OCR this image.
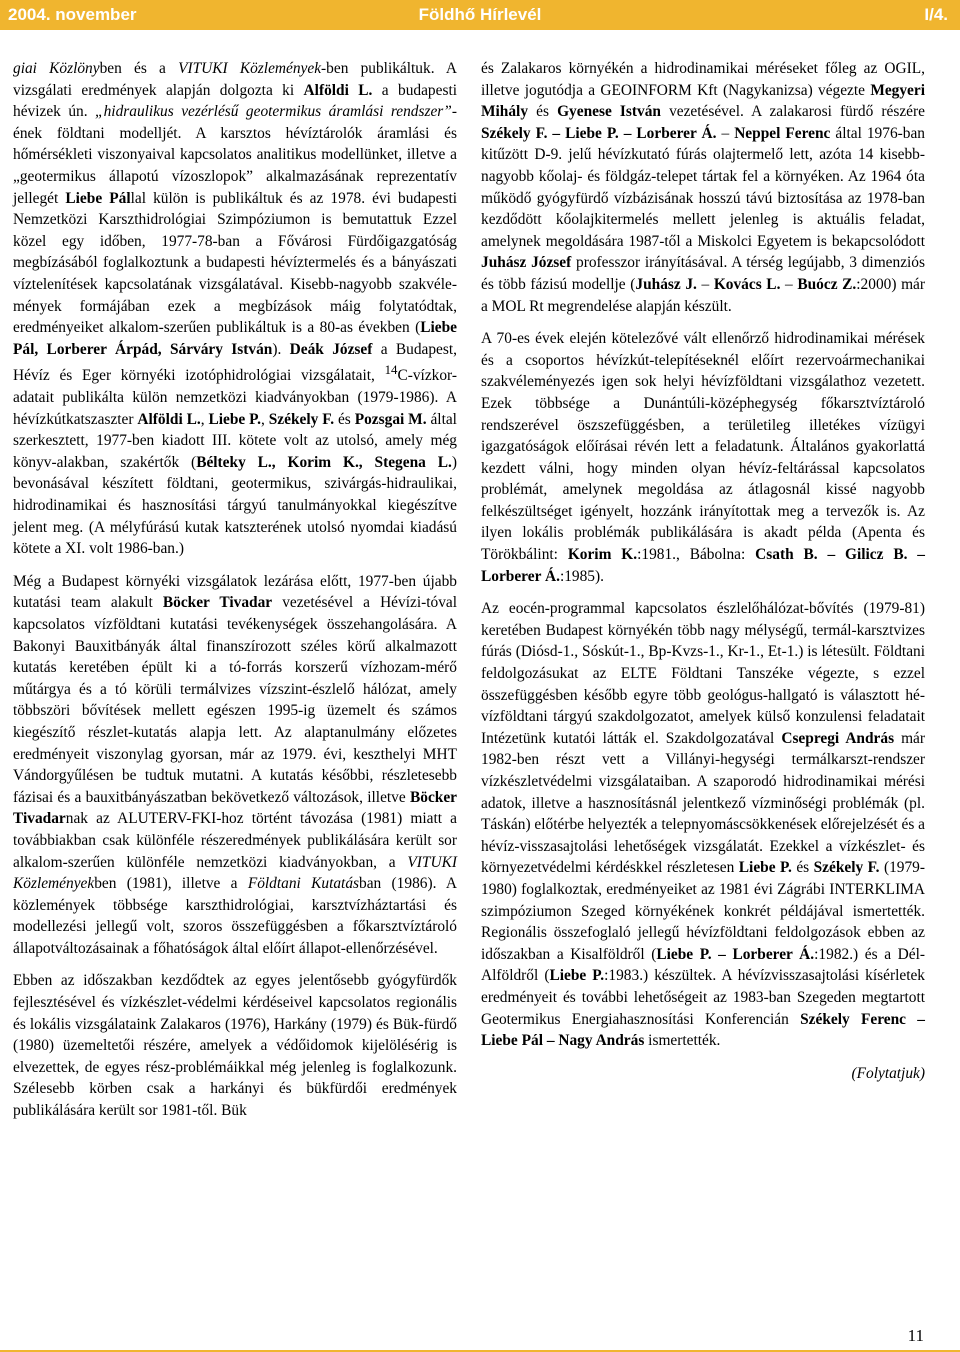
2004. november	Földhő Hírlevél	I/4.

giai Közlönyben és a VITUKI Közlemények-ben publikáltuk. A vizsgálati eredmények alapján dolgozta ki Alföldi L. a budapesti hévizek ún. „hidraulikus vezérlésű geotermikus áramlási rendszer”-ének földtani modelljét. A karsztos hévíztárolók áramlási és hőmérsékleti viszonyaival kapcsolatos analitikus modellünket, illetve a „geotermikus állapotú vízoszlopok” alkalmazásának reprezentatív jellegét Liebe Pállal külön is publikáltuk és az 1978. évi budapesti Nemzetközi Karszthidrológiai Szimpóziumon is bemutattuk Ezzel közel egy időben, 1977-78-ban a Fővárosi Fürdőigazgatóság megbízásából foglalkoztunk a budapesti hévíztermelés és a bányászati víztelenítések kapcsolatának vizsgálatával. Kisebb-nagyobb szakvélemények formájában ezek a megbízások máig folytatódtak, eredményeiket alkalom-szerűen publikáltuk is a 80-as években (Liebe Pál, Lorberer Árpád, Sárváry István). Deák József a Budapest, Hévíz és Eger környéki izotóphidrológiai vizsgálatait, $^{14}$C-vízkor-adatait publikálta külön nemzetközi kiadványokban (1979-1986). A hévízkútkatszaszter Alföldi L., Liebe P., Székely F. és Pozsgai M. által szerkesztett, 1977-ben kiadott III. kötete volt az utolsó, amely még könyv-alakban, szakértők (Bélteky L., Korim K., Stegena L.) bevonásával készített földtani, geotermikus, szivárgás-hidraulikai, hidrodinamikai és hasznosítási tárgyú tanulmányokkal kiegészítve jelent meg. (A mélyfúrású kutak katszterének utolsó nyomdai kiadású kötete a XI. volt 1986-ban.)

Még a Budapest környéki vizsgálatok lezárása előtt, 1977-ben újabb kutatási team alakult Böcker Tivadar vezetésével a Hévízi-tóval kapcsolatos vízföldtani kutatási tevékenységek összehangolására. A Bakonyi Bauxitbányák által finanszírozott széles körű alkalmazott kutatás keretében épült ki a tó-forrás korszerű vízhozam-mérő műtárgya és a tó körüli termálvizes vízszint-észlelő hálózat, amely többszöri bővítések mellett egészen 1995-ig üzemelt és számos kiegészítő részlet-kutatás alapja lett. Az alaptanulmány előzetes eredményeit viszonylag gyorsan, már az 1979. évi, keszthelyi MHT Vándorgyűlésen be tudtuk mutatni. A kutatás későbbi, részletesebb fázisai és a bauxitbányászatban bekövetkező változások, illetve Böcker Tivadarnak az ALUTERV-FKI-hoz történt távozása (1981) miatt a továbbiakban csak különféle részeredmények publikálására került sor alkalom-szerűen különféle nemzetközi kiadványokban, a VITUKI Közleményekben (1981), illetve a Földtani Kutatásban (1986). A közlemények többsége karszthidrológiai, karsztvízháztartási és modellezési jellegű volt, szoros összefüggésben a főkarsztvíztároló állapotváltozásainak a főhatóságok által előírt állapot-ellenőrzésével.

Ebben az időszakban kezdődtek az egyes jelentősebb gyógyfürdők fejlesztésével és vízkészlet-védelmi kérdéseivel kapcsolatos regionális és lokális vizsgálataink Zalakaros (1976), Harkány (1979) és Bük-fürdő (1980) üzemeltetői részére, amelyek a védőidomok kijelölésérig is elvezettek, de egyes rész-problémáikkal még jelenleg is foglalkozunk. Szélesebb körben csak a harkányi és bükfürdői eredmények publikálására került sor 1981-től. Bük

és Zalakaros környékén a hidrodinamikai méréseket főleg az OGIL, illetve jogutódja a GEOINFORM Kft (Nagykanizsa) végezte Megyeri Mihály és Gyenese István vezetésével. A zalakarosi fürdő részére Székely F. – Liebe P. – Lorberer Á. – Neppel Ferenc által 1976-ban kitűzött D-9. jelű hévízkutató fúrás olajtermelő lett, azóta 14 kisebb-nagyobb kőolaj- és földgáz-telepet tártak fel a környéken. Az 1964 óta működő gyógyfürdő vízbázisának hosszú távú biztosítása az 1978-ban kezdődött kőolajkitermelés mellett jelenleg is aktuális feladat, amelynek megoldására 1987-től a Miskolci Egyetem is bekapcsolódott Juhász József professzor irányításával. A térség legújabb, 3 dimenziós és több fázisú modellje (Juhász J. – Kovács L. – Buócz Z.:2000) már a MOL Rt megrendelése alapján készült.

A 70-es évek elején kötelezővé vált ellenőrző hidrodinamikai mérések és a csoportos hévízkút-telepítéseknél előírt rezervoármechanikai szakvéleményezés igen sok helyi hévízföldtani vizsgálathoz vezetett. Ezek többsége a Dunántúli-középhegység főkarsztvíztároló rendszerével öszszefüggésben, a területileg illetékes vízügyi igazgatóságok előírásai révén lett a feladatunk. Általános gyakorlattá kezdett válni, hogy minden olyan hévíz-feltárással kapcsolatos problémát, amelynek megoldása az átlagosnál kissé nagyobb felkészültséget igényelt, hozzánk irányítottak meg a tervezők is. Az ilyen lokális problémák publikálására is akadt példa (Apenta és Törökbálint: Korim K.:1981., Bábolna: Csath B. – Gilicz B. – Lorberer Á.:1985).

Az eocén-programmal kapcsolatos észlelőhálózat-bővítés (1979-81) keretében Budapest környékén több nagy mélységű, termál-karsztvizes fúrás (Diósd-1., Sóskút-1., Bp-Kvzs-1., Kr-1., Et-1.) is létesült. Földtani feldolgozásukat az ELTE Földtani Tanszéke végezte, s ezzel összefüggésben később egyre több geológus-hallgató is választott hévízföldtani tárgyú szakdolgozatot, amelyek külső konzulensi feladatait Intézetünk kutatói látták el. Szakdolgozatával Csepregi András már 1982-ben részt vett a Villányi-hegységi termálkarszt-rendszer vízkészletvédelmi vizsgálataiban. A szaporodó hidrodinamikai mérési adatok, illetve a hasznosításnál jelentkező vízminőségi problémák (pl. Táskán) előtérbe helyezték a telepnyomáscsökkenések előrejelzését és a hévíz-visszasajtolási lehetőségek vizsgálatát. Ezekkel a vízkészlet- és környezetvédelmi kérdéskkel részletesen Liebe P. és Székely F. (1979-1980) foglalkoztak, eredményeiket az 1981 évi Zágrábi INTERKLIMA szimpóziumon Szeged környékének konkrét példájával ismertették. Regionális összefoglaló jellegű hévízföldtani feldolgozások ebben az időszakban a Kisalföldről (Liebe P. – Lorberer Á.:1982.) és a Dél-Alföldről (Liebe P.:1983.) készültek. A hévízvisszasajtolási kísérletek eredményeit és további lehetőségeit az 1983-ban Szegeden megtartott Geotermikus Energiahasznosítási Konferencián Székely Ferenc – Liebe Pál – Nagy András ismertették.

(Folytatjuk)

11
